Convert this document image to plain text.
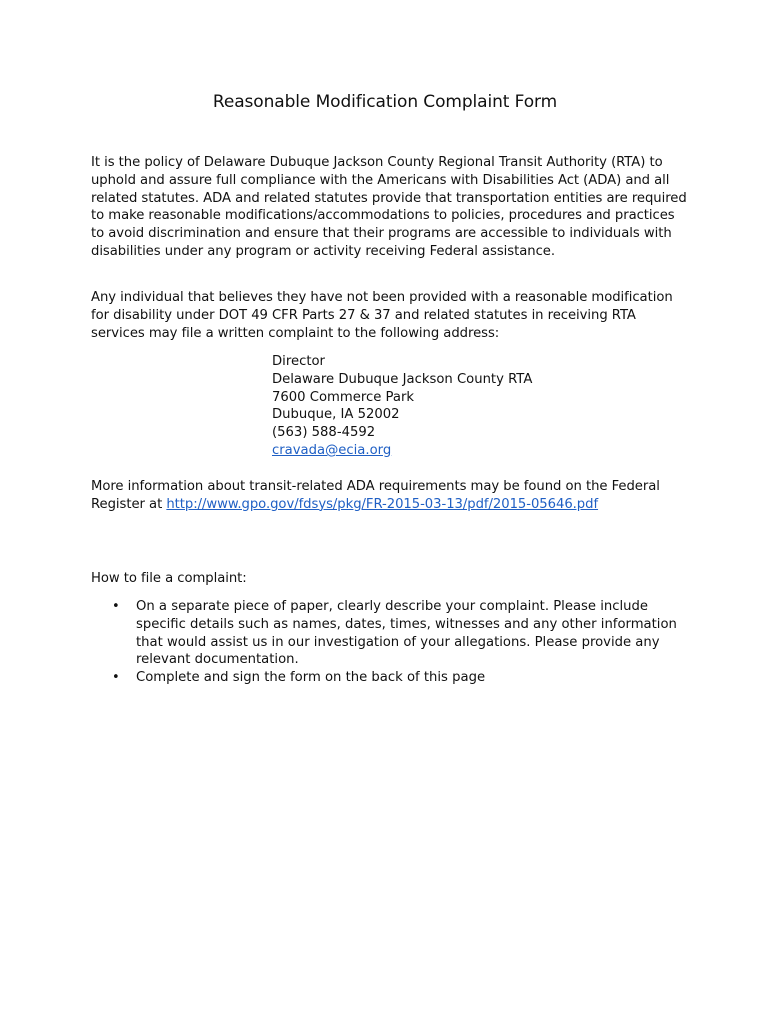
Reasonable Modification Complaint Form

It is the policy of Delaware Dubuque Jackson County Regional Transit Authority (RTA) to uphold and assure full compliance with the Americans with Disabilities Act (ADA) and all related statutes. ADA and related statutes provide that transportation entities are required to make reasonable modifications/accommodations to policies, procedures and practices to avoid discrimination and ensure that their programs are accessible to individuals with disabilities under any program or activity receiving Federal assistance.

Any individual that believes they have not been provided with a reasonable modification for disability under DOT 49 CFR Parts 27 & 37 and related statutes in receiving RTA services may file a written complaint to the following address:

Director
Delaware Dubuque Jackson County RTA
7600 Commerce Park
Dubuque, IA 52002
(563) 588-4592
cravada@ecia.org

More information about transit-related ADA requirements may be found on the Federal Register at http://www.gpo.gov/fdsys/pkg/FR-2015-03-13/pdf/2015-05646.pdf

How to file a complaint:

• On a separate piece of paper, clearly describe your complaint. Please include specific details such as names, dates, times, witnesses and any other information that would assist us in our investigation of your allegations. Please provide any relevant documentation.
• Complete and sign the form on the back of this page
